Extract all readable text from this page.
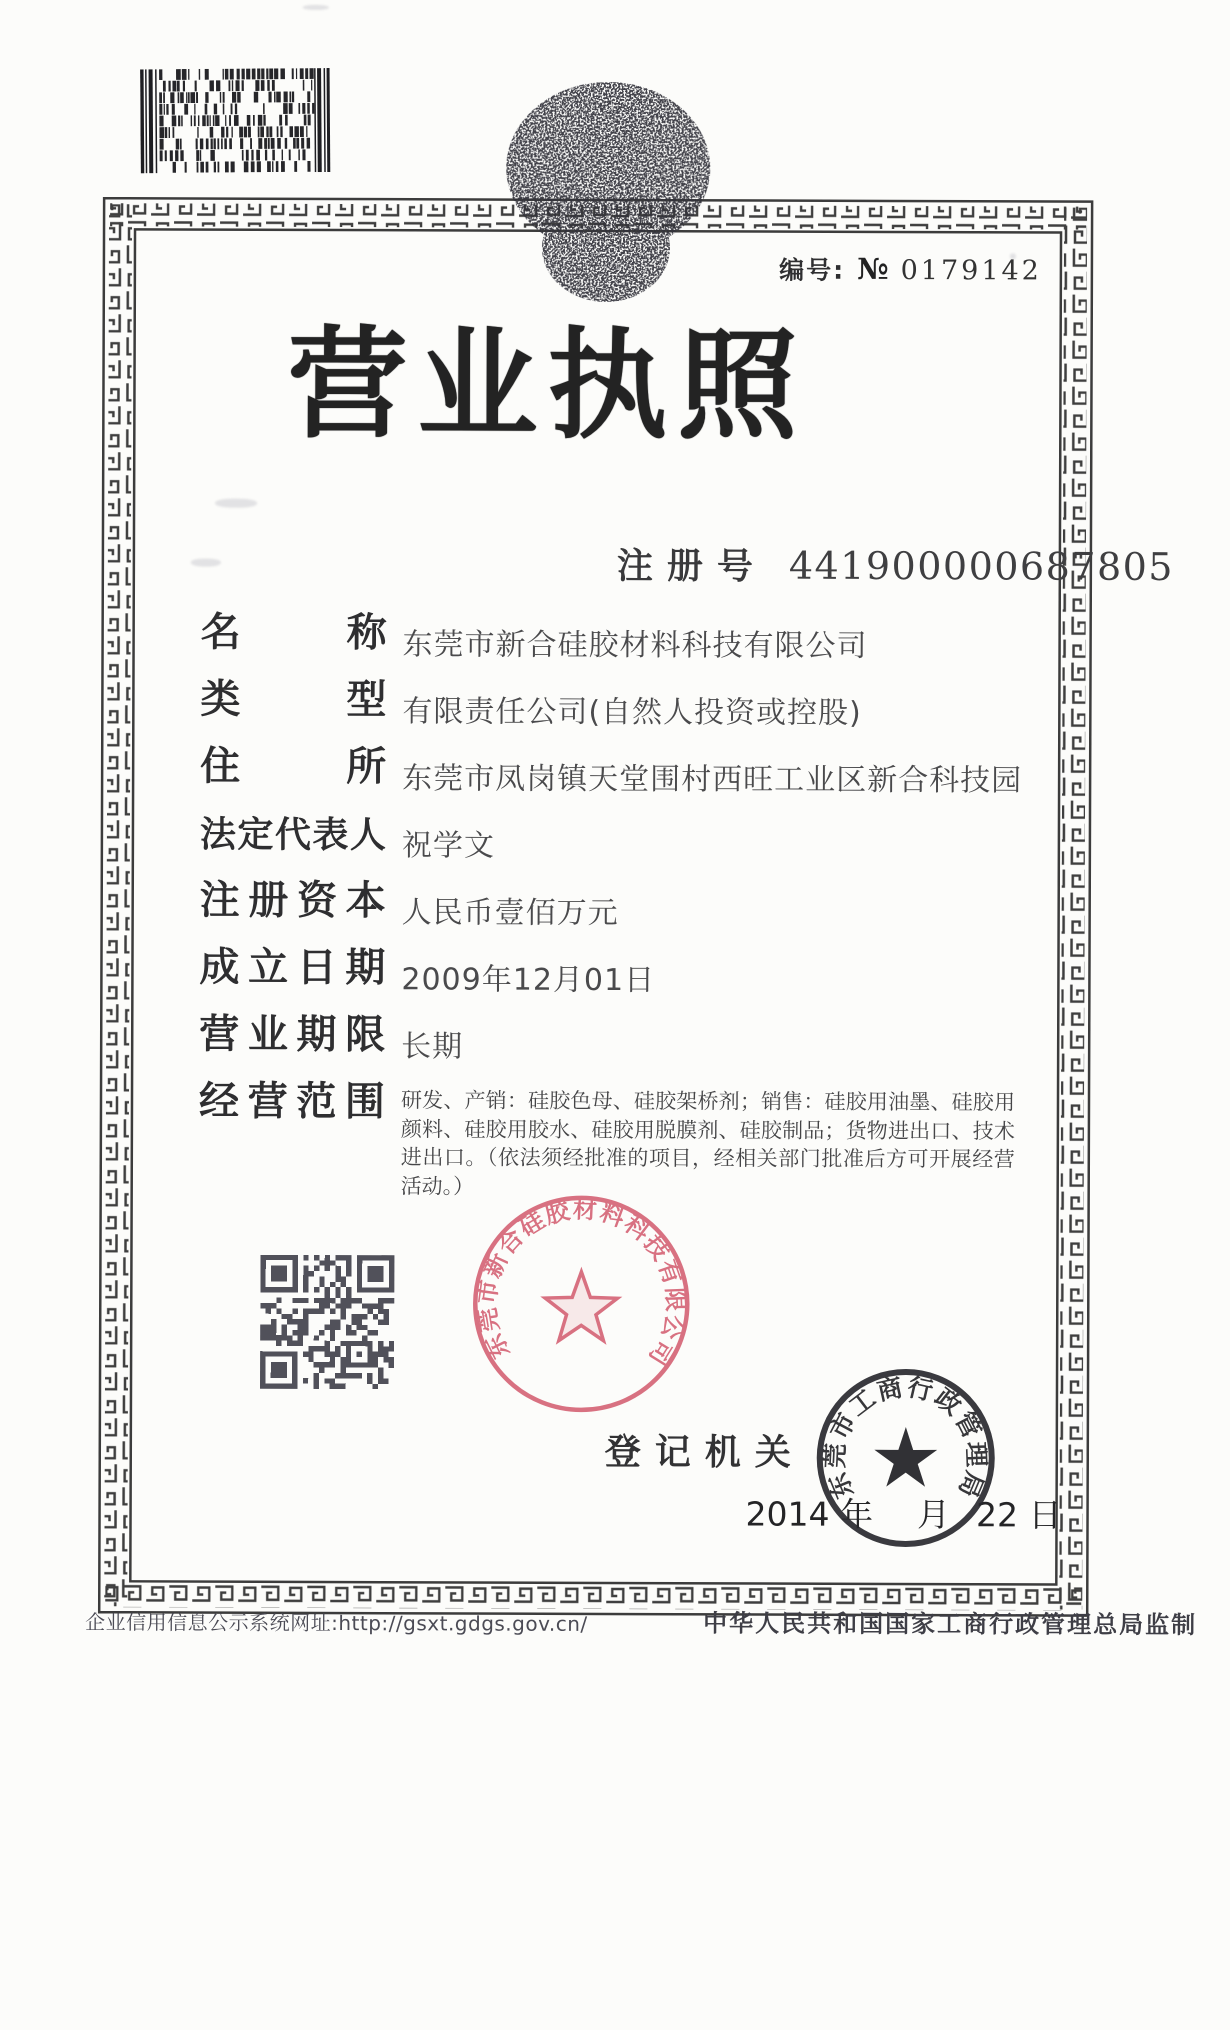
编号: № 0179142
营业执照
注册号 441900000687805
名	称 东莞市新合硅胶材料科技有限公司
类	型 有限责任公司(自然人投资或控股)
住	所 东莞市凤岗镇天堂围村西旺工业区新合科技园
法 定 代 表 人 祝学文
注 册 资 本 人民币壹佰万元
成 立 日 期 2009年12月01日
营 业 期 限 长期
经 营 范 围 研发、产销：硅胶色母、硅胶架桥剂；销售：硅胶用油墨、硅胶用颜料、硅胶用胶水、硅胶用脱膜剂、硅胶制品；货物进出口、技术进出口。（依法须经批准的项目，经相关部门批准后方可开展经营活动。）
东莞市新合硅胶材料科技有限公司
登记机关
2014 年 月 22 日
东莞市工商行政管理局
企业信用信息公示系统网址:http://gsxt.gdgs.gov.cn/	中华人民共和国国家工商行政管理总局监制
